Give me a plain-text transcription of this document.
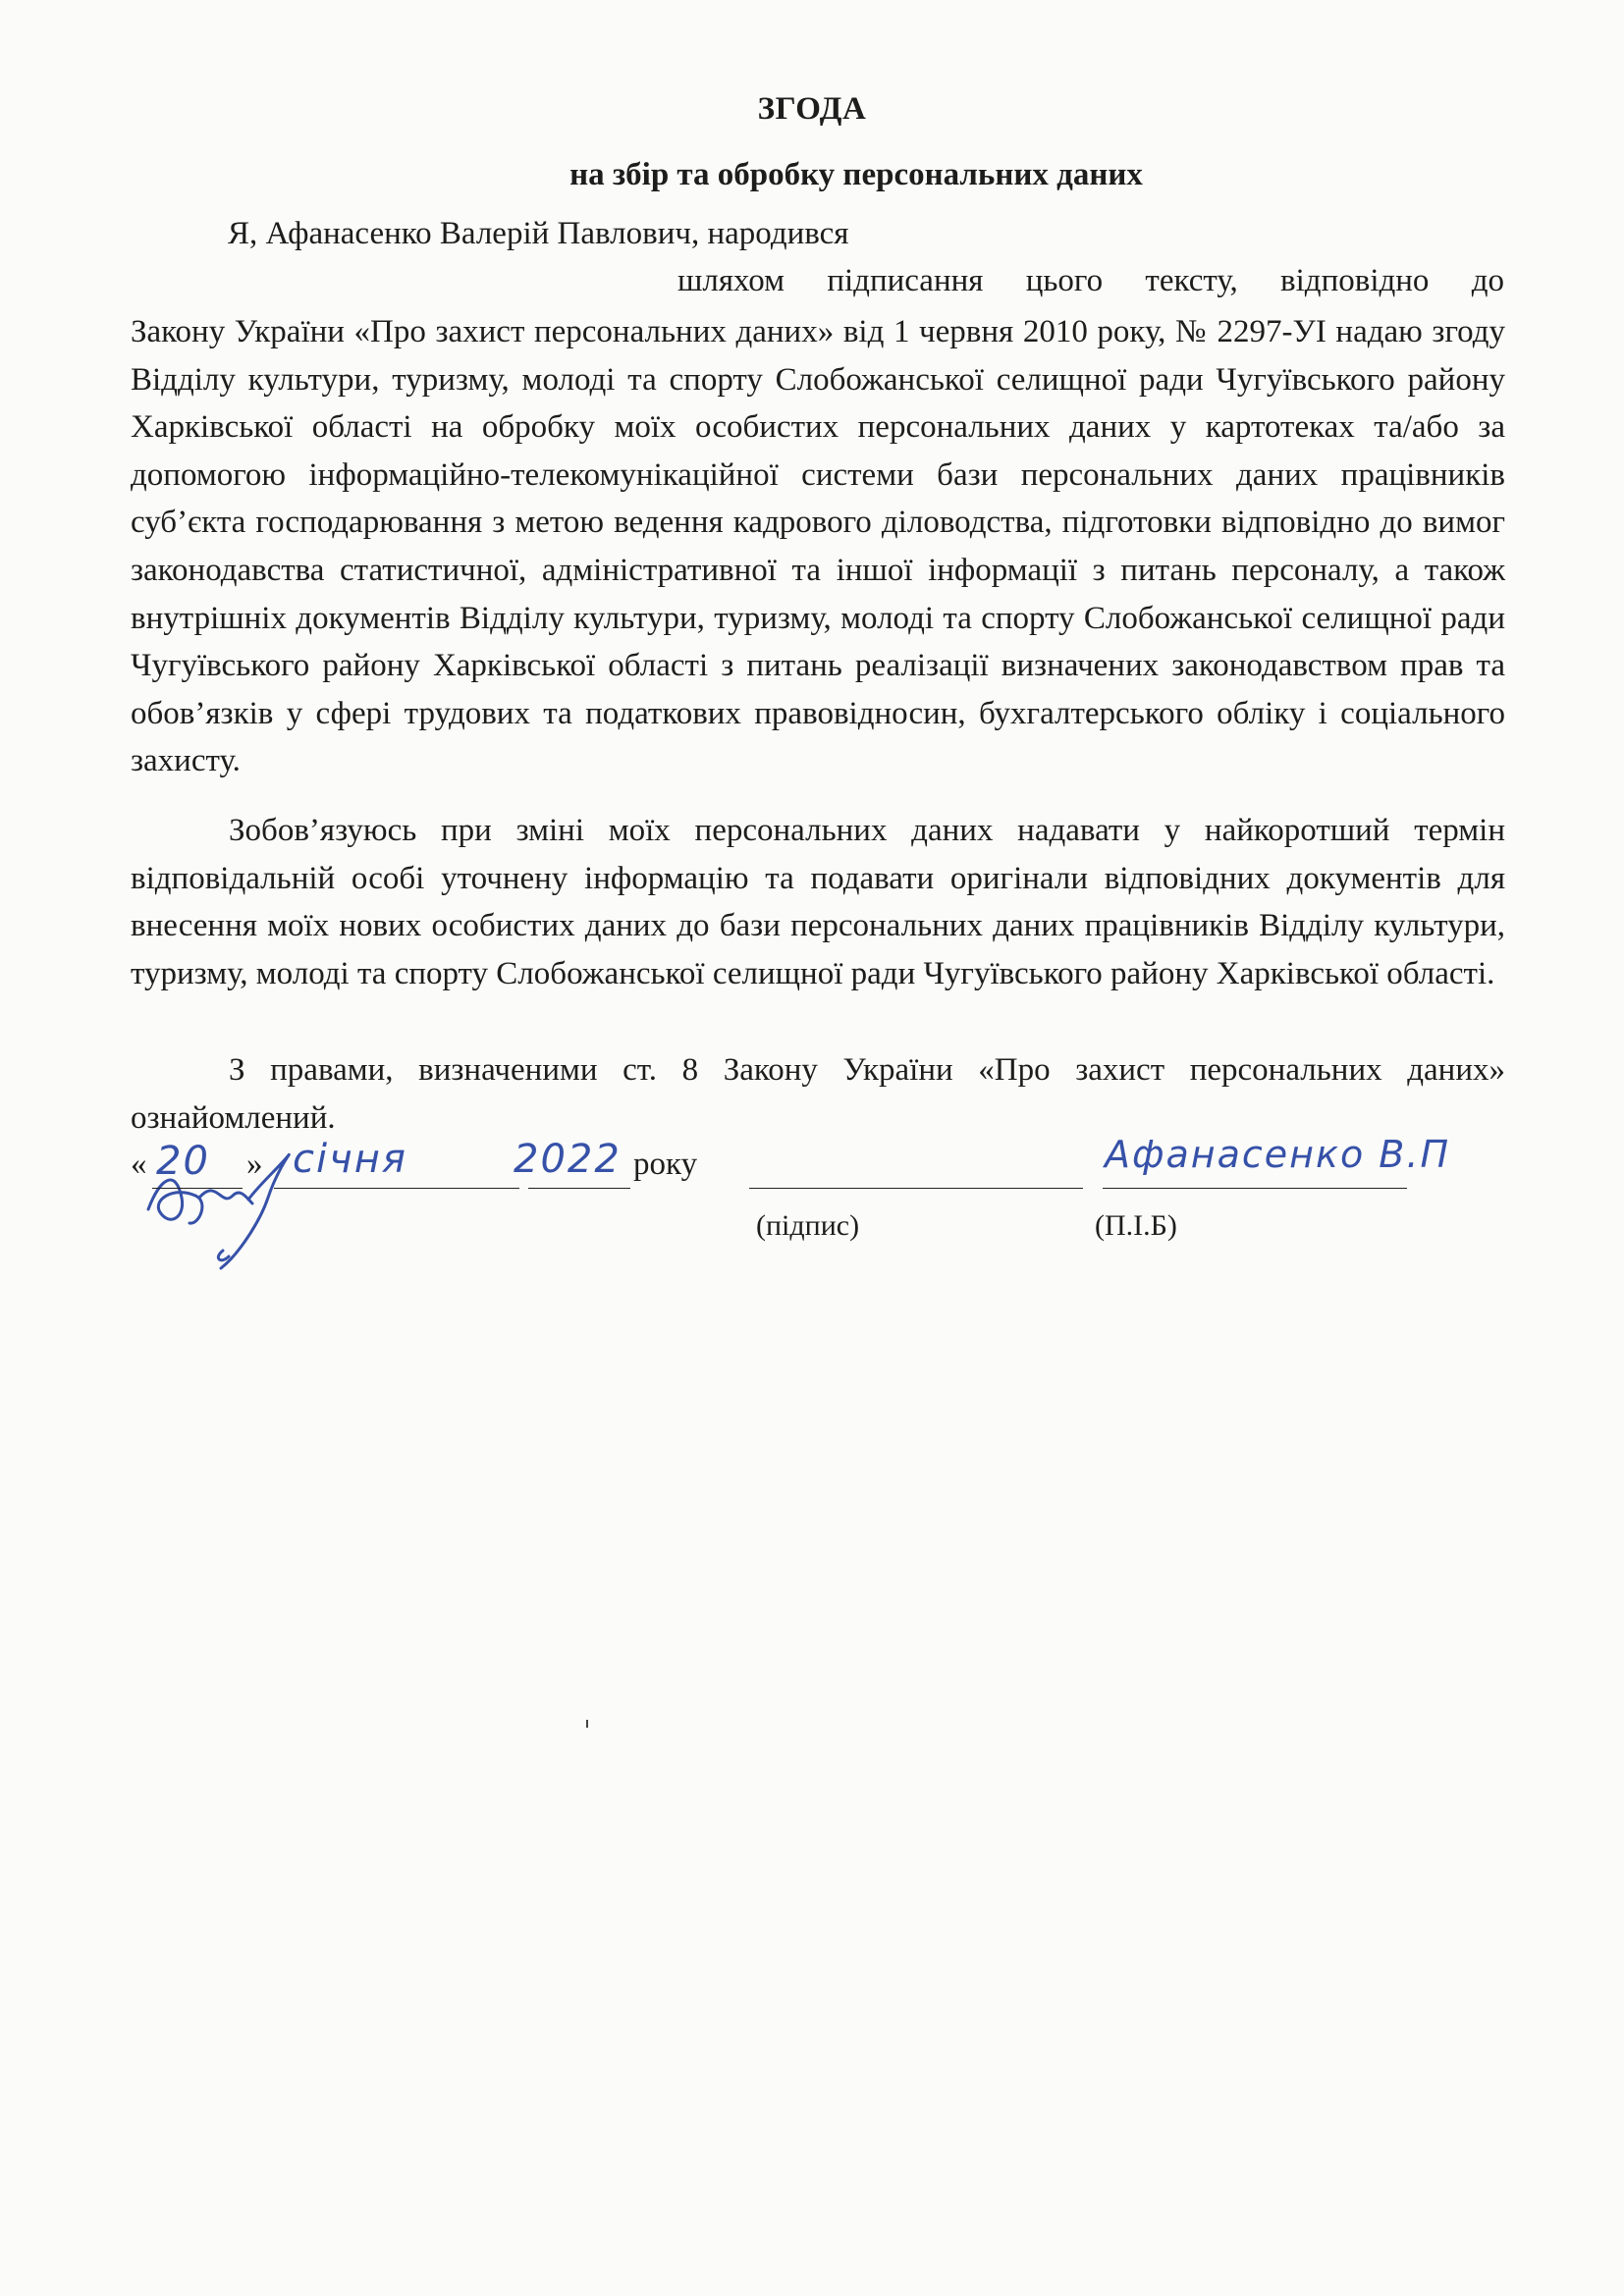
ЗГОДА
на збір та обробку персональних даних
Я, Афанасенко Валерій Павлович, народився
шляхом підписання цього тексту, відповідно до
Закону України «Про захист персональних даних» від 1 червня 2010 року, № 2297-УІ надаю згоду Відділу культури, туризму, молоді та спорту Слобожанської селищної ради Чугуївського району Харківської області на обробку моїх особистих персональних даних у картотеках та/або за допомогою інформаційно-телекомунікаційної системи бази персональних даних працівників суб’єкта господарювання з метою ведення кадрового діловодства, підготовки відповідно до вимог законодавства статистичної, адміністративної та іншої інформації з питань персоналу, а також внутрішніх документів Відділу культури, туризму, молоді та спорту Слобожанської селищної ради Чугуївського району Харківської області з питань реалізації визначених законодавством прав та обов’язків у сфері трудових та податкових правовідносин, бухгалтерського обліку і соціального захисту.
Зобов’язуюсь при зміні моїх персональних даних надавати у найкоротший термін відповідальній особі уточнену інформацію та подавати оригінали відповідних документів для внесення моїх нових особистих даних до бази персональних даних працівників Відділу культури, туризму, молоді та спорту Слобожанської селищної ради Чугуївського району Харківської області.
З правами, визначеними ст. 8 Закону України «Про захист персональних даних» ознайомлений.
« 20 » січня	2022 року	Афанасенко В.П
(підпис)	(П.І.Б)
